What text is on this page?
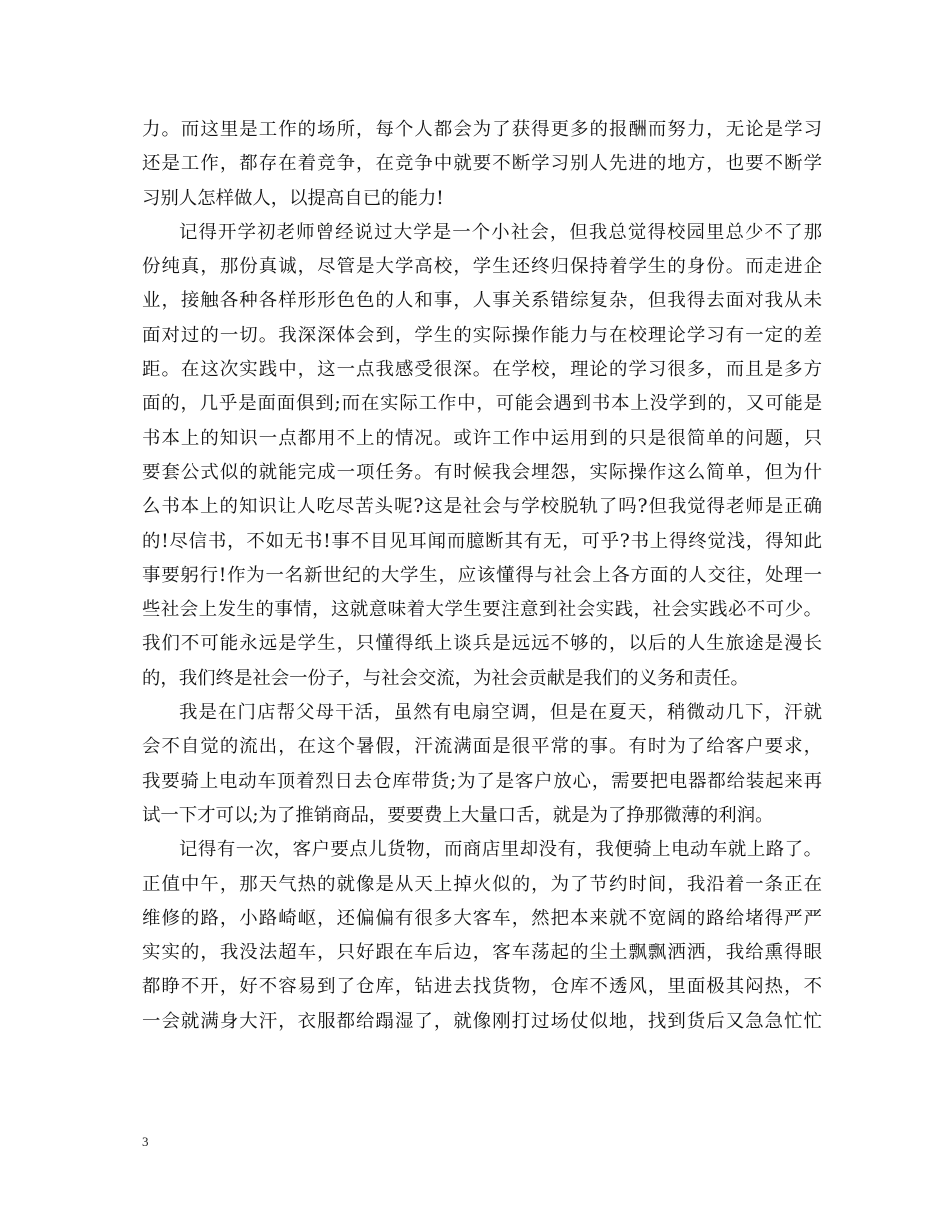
力。而这里是工作的场所，每个人都会为了获得更多的报酬而努力，无论是学习
还是工作，都存在着竞争，在竞争中就要不断学习别人先进的地方，也要不断学
习别人怎样做人，以提高自已的能力!
记得开学初老师曾经说过大学是一个小社会，但我总觉得校园里总少不了那
份纯真，那份真诚，尽管是大学高校，学生还终归保持着学生的身份。而走进企
业，接触各种各样形形色色的人和事，人事关系错综复杂，但我得去面对我从未
面对过的一切。我深深体会到，学生的实际操作能力与在校理论学习有一定的差
距。在这次实践中，这一点我感受很深。在学校，理论的学习很多，而且是多方
面的，几乎是面面俱到;而在实际工作中，可能会遇到书本上没学到的，又可能是
书本上的知识一点都用不上的情况。或许工作中运用到的只是很简单的问题，只
要套公式似的就能完成一项任务。有时候我会埋怨，实际操作这么简单，但为什
么书本上的知识让人吃尽苦头呢?这是社会与学校脱轨了吗?但我觉得老师是正确
的!尽信书，不如无书!事不目见耳闻而臆断其有无，可乎?书上得终觉浅，得知此
事要躬行!作为一名新世纪的大学生，应该懂得与社会上各方面的人交往，处理一
些社会上发生的事情，这就意味着大学生要注意到社会实践，社会实践必不可少。
我们不可能永远是学生，只懂得纸上谈兵是远远不够的，以后的人生旅途是漫长
的，我们终是社会一份子，与社会交流，为社会贡献是我们的义务和责任。
我是在门店帮父母干活，虽然有电扇空调，但是在夏天，稍微动几下，汗就
会不自觉的流出，在这个暑假，汗流满面是很平常的事。有时为了给客户要求，
我要骑上电动车顶着烈日去仓库带货;为了是客户放心，需要把电器都给装起来再
试一下才可以;为了推销商品，要要费上大量口舌，就是为了挣那微薄的利润。
记得有一次，客户要点儿货物，而商店里却没有，我便骑上电动车就上路了。
正值中午，那天气热的就像是从天上掉火似的，为了节约时间，我沿着一条正在
维修的路，小路崎岖，还偏偏有很多大客车，然把本来就不宽阔的路给堵得严严
实实的，我没法超车，只好跟在车后边，客车荡起的尘土飘飘洒洒，我给熏得眼
都睁不开，好不容易到了仓库，钻进去找货物，仓库不透风，里面极其闷热，不
一会就满身大汗，衣服都给蹋湿了，就像刚打过场仗似地，找到货后又急急忙忙
3
